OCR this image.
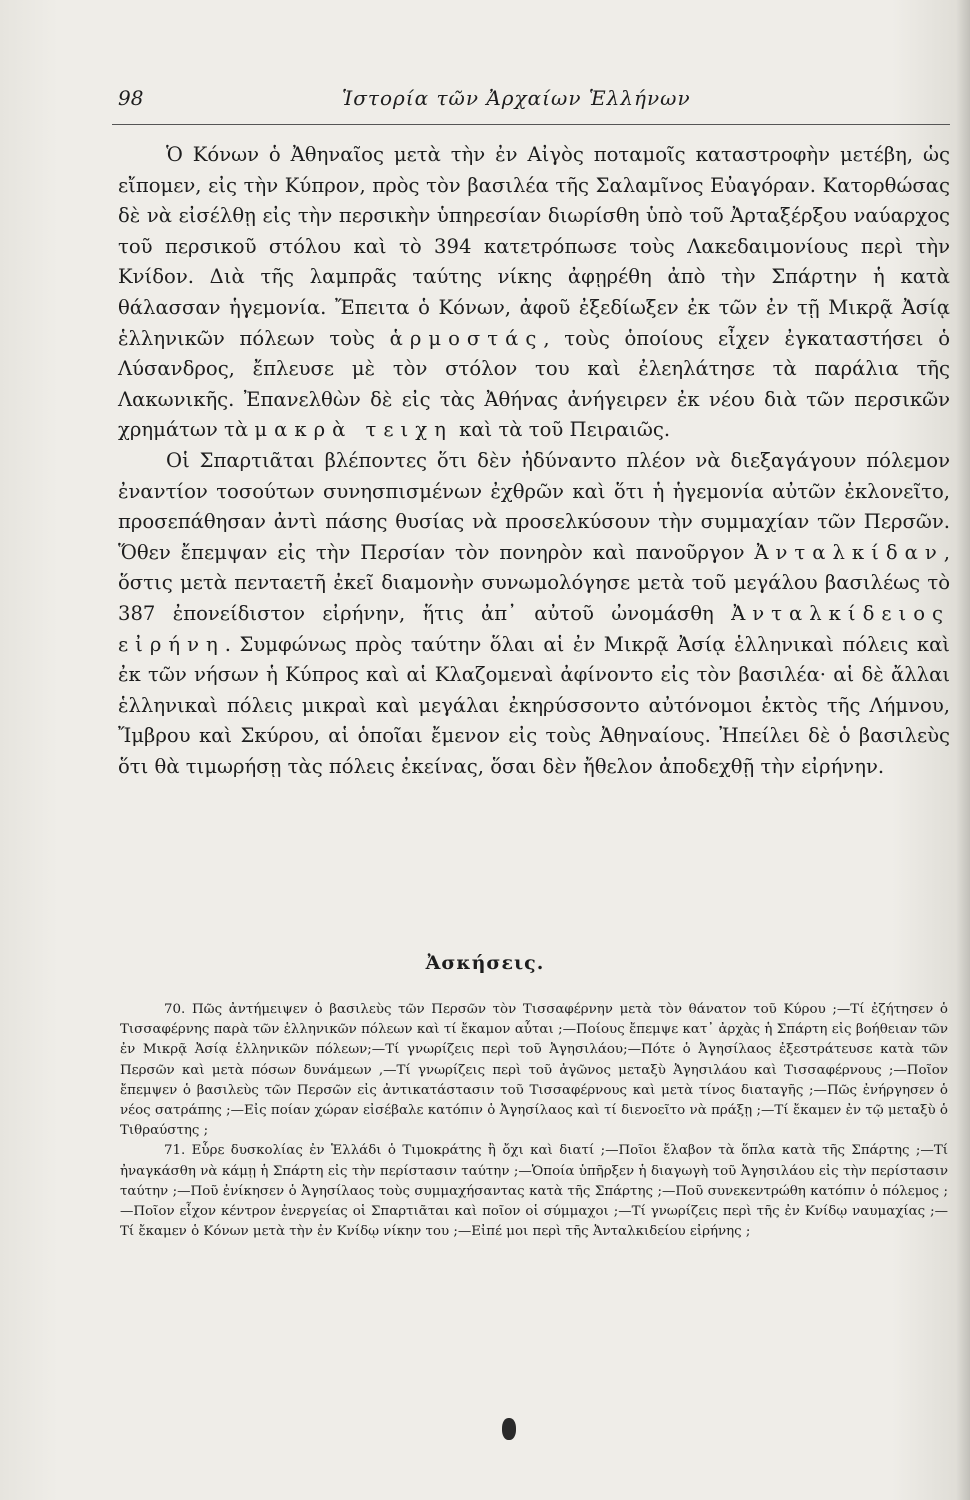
98	Ἱστορία τῶν Ἀρχαίων Ἑλλήνων

Ὁ Κόνων ὁ Ἀθηναῖος μετὰ τὴν ἐν Αἰγὸς ποταμοῖς καταστροφὴν μετέβη, ὡς εἴπομεν, εἰς τὴν Κύπρον, πρὸς τὸν βασιλέα τῆς Σαλαμῖνος Εὐαγόραν. Κατορθώσας δὲ νὰ εἰσέλθῃ εἰς τὴν περσικὴν ὑπηρεσίαν διωρίσθη ὑπὸ τοῦ Ἀρταξέρξου ναύαρχος τοῦ περσικοῦ στόλου καὶ τὸ 394 κατετρόπωσε τοὺς Λακεδαιμονίους περὶ τὴν Κνίδον. Διὰ τῆς λαμπρᾶς ταύτης νίκης ἀφῃρέθη ἀπὸ τὴν Σπάρτην ἡ κατὰ θάλασσαν ἡγεμονία. Ἔπειτα ὁ Κόνων, ἀφοῦ ἐξεδίωξεν ἐκ τῶν ἐν τῇ Μικρᾷ Ἀσίᾳ ἑλληνικῶν πόλεων τοὺς ἁρμοστάς, τοὺς ὁποίους εἶχεν ἐγκαταστήσει ὁ Λύσανδρος, ἔπλευσε μὲ τὸν στόλον του καὶ ἐλεηλάτησε τὰ παράλια τῆς Λακωνικῆς. Ἐπανελθὼν δὲ εἰς τὰς Ἀθήνας ἀνήγειρεν ἐκ νέου διὰ τῶν περσικῶν χρημάτων τὰ μακρὰ τειχη καὶ τὰ τοῦ Πειραιῶς.

Οἱ Σπαρτιᾶται βλέποντες ὅτι δὲν ἠδύναντο πλέον νὰ διεξαγάγουν πόλεμον ἐναντίον τοσούτων συνησπισμένων ἐχθρῶν καὶ ὅτι ἡ ἡγεμονία αὐτῶν ἐκλονεῖτο, προσεπάθησαν ἀντὶ πάσης θυσίας νὰ προσελκύσουν τὴν συμμαχίαν τῶν Περσῶν. Ὅθεν ἔπεμψαν εἰς τὴν Περσίαν τὸν πονηρὸν καὶ πανοῦργον Ἀνταλκίδαν, ὅστις μετὰ πενταετῆ ἐκεῖ διαμονὴν συνωμολόγησε μετὰ τοῦ μεγάλου βασιλέως τὸ 387 ἐπονείδιστον εἰρήνην, ἥτις ἀπ᾿ αὐτοῦ ὠνομάσθη Ἀνταλκίδειος εἰρήνη. Συμφώνως πρὸς ταύτην ὅλαι αἱ ἐν Μικρᾷ Ἀσίᾳ ἑλληνικαὶ πόλεις καὶ ἐκ τῶν νήσων ἡ Κύπρος καὶ αἱ Κλαζομεναὶ ἀφίνοντο εἰς τὸν βασιλέα· αἱ δὲ ἄλλαι ἑλληνικαὶ πόλεις μικραὶ καὶ μεγάλαι ἐκηρύσσοντο αὐτόνομοι ἐκτὸς τῆς Λήμνου, Ἴμβρου καὶ Σκύρου, αἱ ὁποῖαι ἔμενον εἰς τοὺς Ἀθηναίους. Ἠπείλει δὲ ὁ βασιλεὺς ὅτι θὰ τιμωρήσῃ τὰς πόλεις ἐκείνας, ὅσαι δὲν ἤθελον ἀποδεχθῇ τὴν εἰρήνην.

Ἀσκήσεις.

70. Πῶς ἀντήμειψεν ὁ βασιλεὺς τῶν Περσῶν τὸν Τισσαφέρνην μετὰ τὸν θάνατον τοῦ Κύρου ;—Τί ἐζήτησεν ὁ Τισσαφέρνης παρὰ τῶν ἑλληνικῶν πόλεων καὶ τί ἔκαμον αὗται ;—Ποίους ἔπεμψε κατ᾿ ἀρχὰς ἡ Σπάρτη εἰς βοήθειαν τῶν ἐν Μικρᾷ Ἀσίᾳ ἑλληνικῶν πόλεων;—Τί γνωρίζεις περὶ τοῦ Ἀγησιλάου;—Πότε ὁ Ἀγησίλαος ἐξεστράτευσε κατὰ τῶν Περσῶν καὶ μετὰ πόσων δυνάμεων ,—Τί γνωρίζεις περὶ τοῦ ἀγῶνος μεταξὺ Ἀγησιλάου καὶ Τισσαφέρνους ;—Ποῖον ἔπεμψεν ὁ βασιλεὺς τῶν Περσῶν εἰς ἀντικατάστασιν τοῦ Τισσαφέρνους καὶ μετὰ τίνος διαταγῆς ;—Πῶς ἐνήργησεν ὁ νέος σατράπης ;—Εἰς ποίαν χώραν εἰσέβαλε κατόπιν ὁ Ἀγησίλαος καὶ τί διενοεῖτο νὰ πράξῃ ;—Τί ἔκαμεν ἐν τῷ μεταξὺ ὁ Τιθραύστης ;

71. Εὗρε δυσκολίας ἐν Ἑλλάδι ὁ Τιμοκράτης ἢ ὄχι καὶ διατί ;—Ποῖοι ἔλαβον τὰ ὅπλα κατὰ τῆς Σπάρτης ;—Τί ἠναγκάσθη νὰ κάμῃ ἡ Σπάρτη εἰς τὴν περίστασιν ταύτην ;—Ὁποία ὑπῆρξεν ἡ διαγωγὴ τοῦ Ἀγησιλάου εἰς τὴν περίστασιν ταύτην ;—Ποῦ ἐνίκησεν ὁ Ἀγησίλαος τοὺς συμμαχήσαντας κατὰ τῆς Σπάρτης ;—Ποῦ συνεκεντρώθη κατόπιν ὁ πόλεμος ;—Ποῖον εἶχον κέντρον ἐνεργείας οἱ Σπαρτιᾶται καὶ ποῖον οἱ σύμμαχοι ;—Τί γνωρίζεις περὶ τῆς ἐν Κνίδῳ ναυμαχίας ;—Τί ἔκαμεν ὁ Κόνων μετὰ τὴν ἐν Κνίδῳ νίκην του ;—Εἰπέ μοι περὶ τῆς Ἀνταλκιδείου εἰρήνης ;
